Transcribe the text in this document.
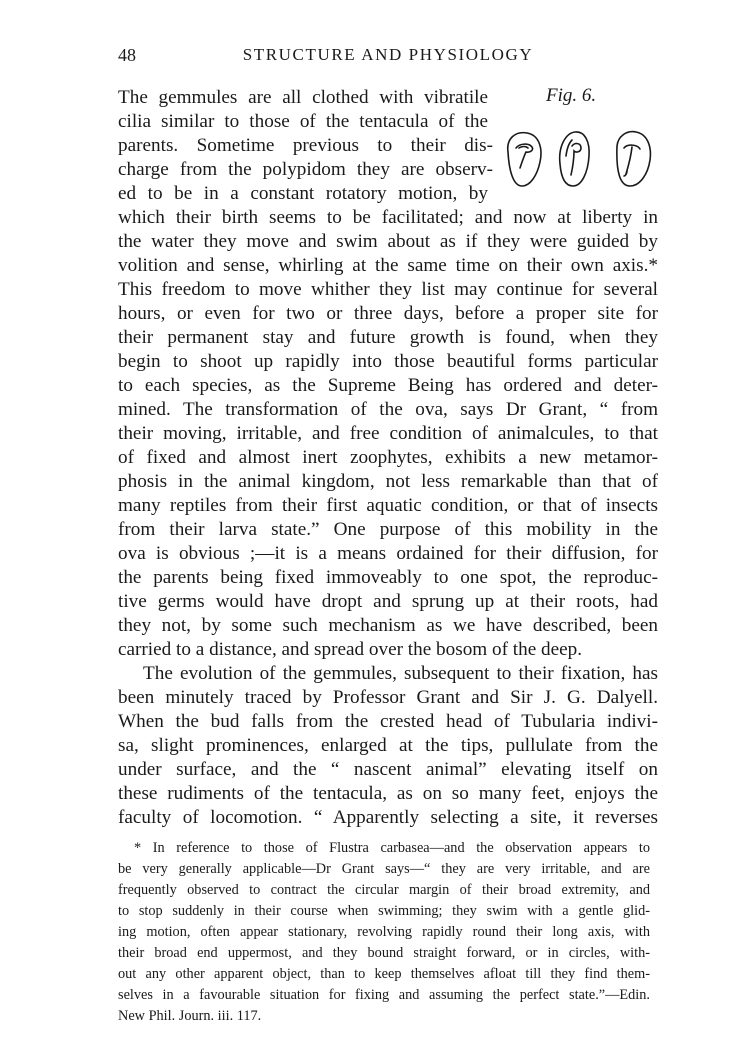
48	STRUCTURE AND PHYSIOLOGY
Fig. 6.
The gemmules are all clothed with vibratile
cilia similar to those of the tentacula of the
parents. Sometime previous to their dis-
charge from the polypidom they are observ-
ed to be in a constant rotatory motion, by
which their birth seems to be facilitated; and now at liberty in
the water they move and swim about as if they were guided by
volition and sense, whirling at the same time on their own axis.*
This freedom to move whither they list may continue for several
hours, or even for two or three days, before a proper site for
their permanent stay and future growth is found, when they
begin to shoot up rapidly into those beautiful forms particular
to each species, as the Supreme Being has ordered and deter-
mined. The transformation of the ova, says Dr Grant, “ from
their moving, irritable, and free condition of animalcules, to that
of fixed and almost inert zoophytes, exhibits a new metamor-
phosis in the animal kingdom, not less remarkable than that of
many reptiles from their first aquatic condition, or that of insects
from their larva state.” One purpose of this mobility in the
ova is obvious ;—it is a means ordained for their diffusion, for
the parents being fixed immoveably to one spot, the reproduc-
tive germs would have dropt and sprung up at their roots, had
they not, by some such mechanism as we have described, been
carried to a distance, and spread over the bosom of the deep.
The evolution of the gemmules, subsequent to their fixation, has
been minutely traced by Professor Grant and Sir J. G. Dalyell.
When the bud falls from the crested head of Tubularia indivi-
sa, slight prominences, enlarged at the tips, pullulate from the
under surface, and the “ nascent animal” elevating itself on
these rudiments of the tentacula, as on so many feet, enjoys the
faculty of locomotion. “ Apparently selecting a site, it reverses
* In reference to those of Flustra carbasea—and the observation appears to
be very generally applicable—Dr Grant says—“ they are very irritable, and are
frequently observed to contract the circular margin of their broad extremity, and
to stop suddenly in their course when swimming; they swim with a gentle glid-
ing motion, often appear stationary, revolving rapidly round their long axis, with
their broad end uppermost, and they bound straight forward, or in circles, with-
out any other apparent object, than to keep themselves afloat till they find them-
selves in a favourable situation for fixing and assuming the perfect state.”—Edin.
New Phil. Journ. iii. 117.
